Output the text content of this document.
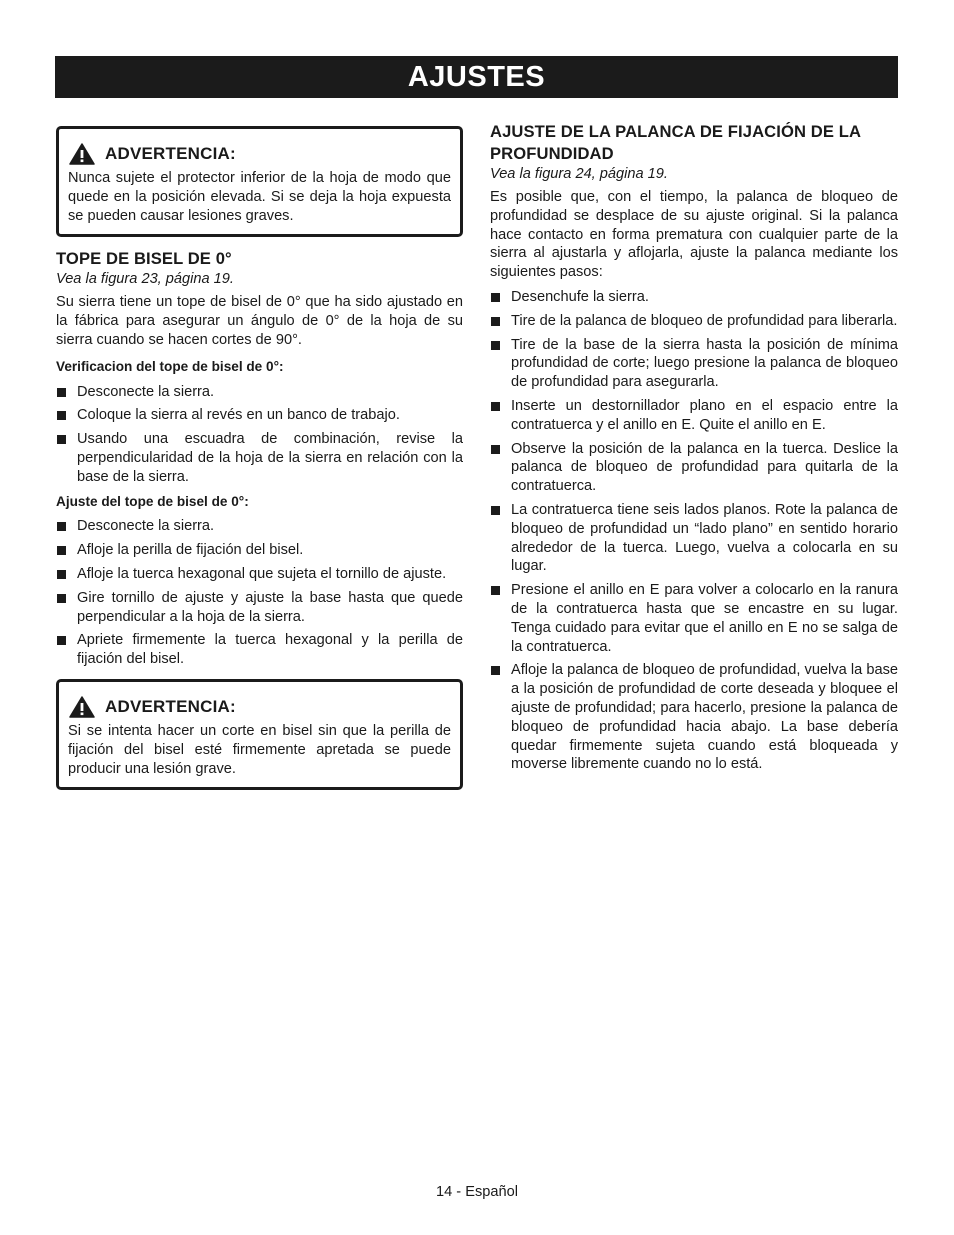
AJUSTES
ADVERTENCIA:
Nunca sujete el protector inferior de la hoja de modo que quede en la posición elevada. Si se deja la hoja expuesta se pueden causar lesiones graves.
TOPE DE BISEL DE 0°
Vea la figura 23, página 19.

Su sierra tiene un tope de bisel de 0° que ha sido ajustado en la fábrica para asegurar un ángulo de 0° de la hoja de su sierra cuando se hacen cortes de 90°.

Verificacion del tope de bisel de 0°:
Desconecte la sierra.
Coloque la sierra al revés en un banco de trabajo.
Usando una escuadra de combinación, revise la perpendicularidad de la hoja de la sierra en relación con la base de la sierra.
Ajuste del tope de bisel de 0°:
Desconecte la sierra.
Afloje la perilla de fijación del bisel.
Afloje la tuerca hexagonal que sujeta el tornillo de ajuste.
Gire tornillo de ajuste y ajuste la base hasta que quede perpendicular a la hoja de la sierra.
Apriete firmemente la tuerca hexagonal y la perilla de fijación del bisel.
ADVERTENCIA:
Si se intenta hacer un corte en bisel sin que la perilla de fijación del bisel esté firmemente apretada se puede producir una lesión grave.
AJUSTE DE LA PALANCA DE FIJACIÓN DE LA PROFUNDIDAD
Vea la figura 24, página 19.

Es posible que, con el tiempo, la palanca de bloqueo de profundidad se desplace de su ajuste original. Si la palanca hace contacto en forma prematura con cualquier parte de la sierra al ajustarla y aflojarla, ajuste la palanca mediante los siguientes pasos:

Desenchufe la sierra.
Tire de la palanca de bloqueo de profundidad para liberarla.
Tire de la base de la sierra hasta la posición de mínima profundidad de corte; luego presione la palanca de bloqueo de profundidad para asegurarla.
Inserte un destornillador plano en el espacio entre la contratuerca y el anillo en E. Quite el anillo en E.
Observe la posición de la palanca en la tuerca. Deslice la palanca de bloqueo de profundidad para quitarla de la contratuerca.
La contratuerca tiene seis lados planos. Rote la palanca de bloqueo de profundidad un “lado plano” en sentido horario alrededor de la tuerca. Luego, vuelva a colocarla en su lugar.
Presione el anillo en E para volver a colocarlo en la ranura de la contratuerca hasta que se encastre en su lugar. Tenga cuidado para evitar que el anillo en E no se salga de la contratuerca.
Afloje la palanca de bloqueo de profundidad, vuelva la base a la posición de profundidad de corte deseada y bloquee el ajuste de profundidad; para hacerlo, presione la palanca de bloqueo de profundidad hacia abajo. La base debería quedar firmemente sujeta cuando está bloqueada y moverse libremente cuando no lo está.
14 - Español
